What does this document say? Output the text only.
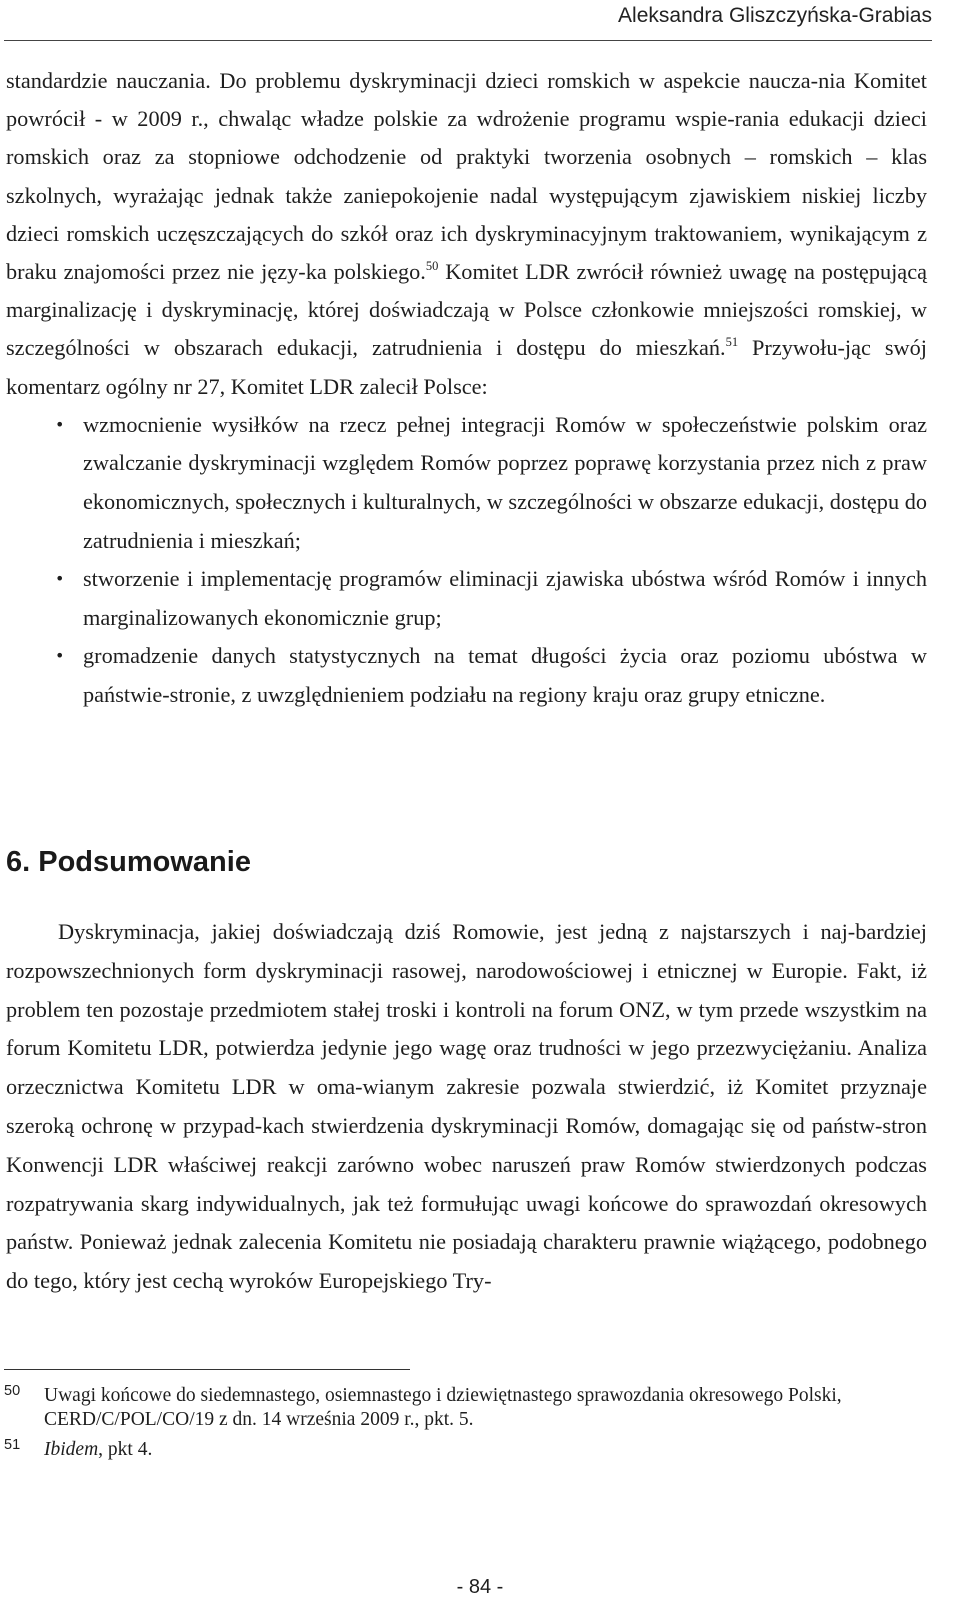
Aleksandra Gliszczyńska-Grabias

standardzie nauczania. Do problemu dyskryminacji dzieci romskich w aspekcie naucza-nia Komitet powrócił - w 2009 r., chwaląc władze polskie za wdrożenie programu wspie-rania edukacji dzieci romskich oraz za stopniowe odchodzenie od praktyki tworzenia osobnych – romskich – klas szkolnych, wyrażając jednak także zaniepokojenie nadal występującym zjawiskiem niskiej liczby dzieci romskich uczęszczających do szkół oraz ich dyskryminacyjnym traktowaniem, wynikającym z braku znajomości przez nie języ-ka polskiego.$^{50}$ Komitet LDR zwrócił również uwagę na postępującą marginalizację i dyskryminację, której doświadczają w Polsce członkowie mniejszości romskiej, w szczególności w obszarach edukacji, zatrudnienia i dostępu do mieszkań.$^{51}$ Przywołu-jąc swój komentarz ogólny nr 27, Komitet LDR zalecił Polsce:

• wzmocnienie wysiłków na rzecz pełnej integracji Romów w społeczeństwie polskim oraz zwalczanie dyskryminacji względem Romów poprzez poprawę korzystania przez nich z praw ekonomicznych, społecznych i kulturalnych, w szczególności w obszarze edukacji, dostępu do zatrudnienia i mieszkań;
• stworzenie i implementację programów eliminacji zjawiska ubóstwa wśród Romów i innych marginalizowanych ekonomicznie grup;
• gromadzenie danych statystycznych na temat długości życia oraz poziomu ubóstwa w państwie-stronie, z uwzględnieniem podziału na regiony kraju oraz grupy etniczne.
6. Podsumowanie

Dyskryminacja, jakiej doświadczają dziś Romowie, jest jedną z najstarszych i naj-bardziej rozpowszechnionych form dyskryminacji rasowej, narodowościowej i etnicznej w Europie. Fakt, iż problem ten pozostaje przedmiotem stałej troski i kontroli na forum ONZ, w tym przede wszystkim na forum Komitetu LDR, potwierdza jedynie jego wagę oraz trudności w jego przezwyciężaniu. Analiza orzecznictwa Komitetu LDR w oma-wianym zakresie pozwala stwierdzić, iż Komitet przyznaje szeroką ochronę w przypad-kach stwierdzenia dyskryminacji Romów, domagając się od państw-stron Konwencji LDR właściwej reakcji zarówno wobec naruszeń praw Romów stwierdzonych podczas rozpatrywania skarg indywidualnych, jak też formułując uwagi końcowe do sprawozdań okresowych państw. Ponieważ jednak zalecenia Komitetu nie posiadają charakteru prawnie wiążącego, podobnego do tego, który jest cechą wyroków Europejskiego Try-

50 Uwagi końcowe do siedemnastego, osiemnastego i dziewiętnastego sprawozdania okresowego Polski, CERD/C/POL/CO/19 z dn. 14 września 2009 r., pkt. 5.
51 Ibidem, pkt 4.
- 84 -
